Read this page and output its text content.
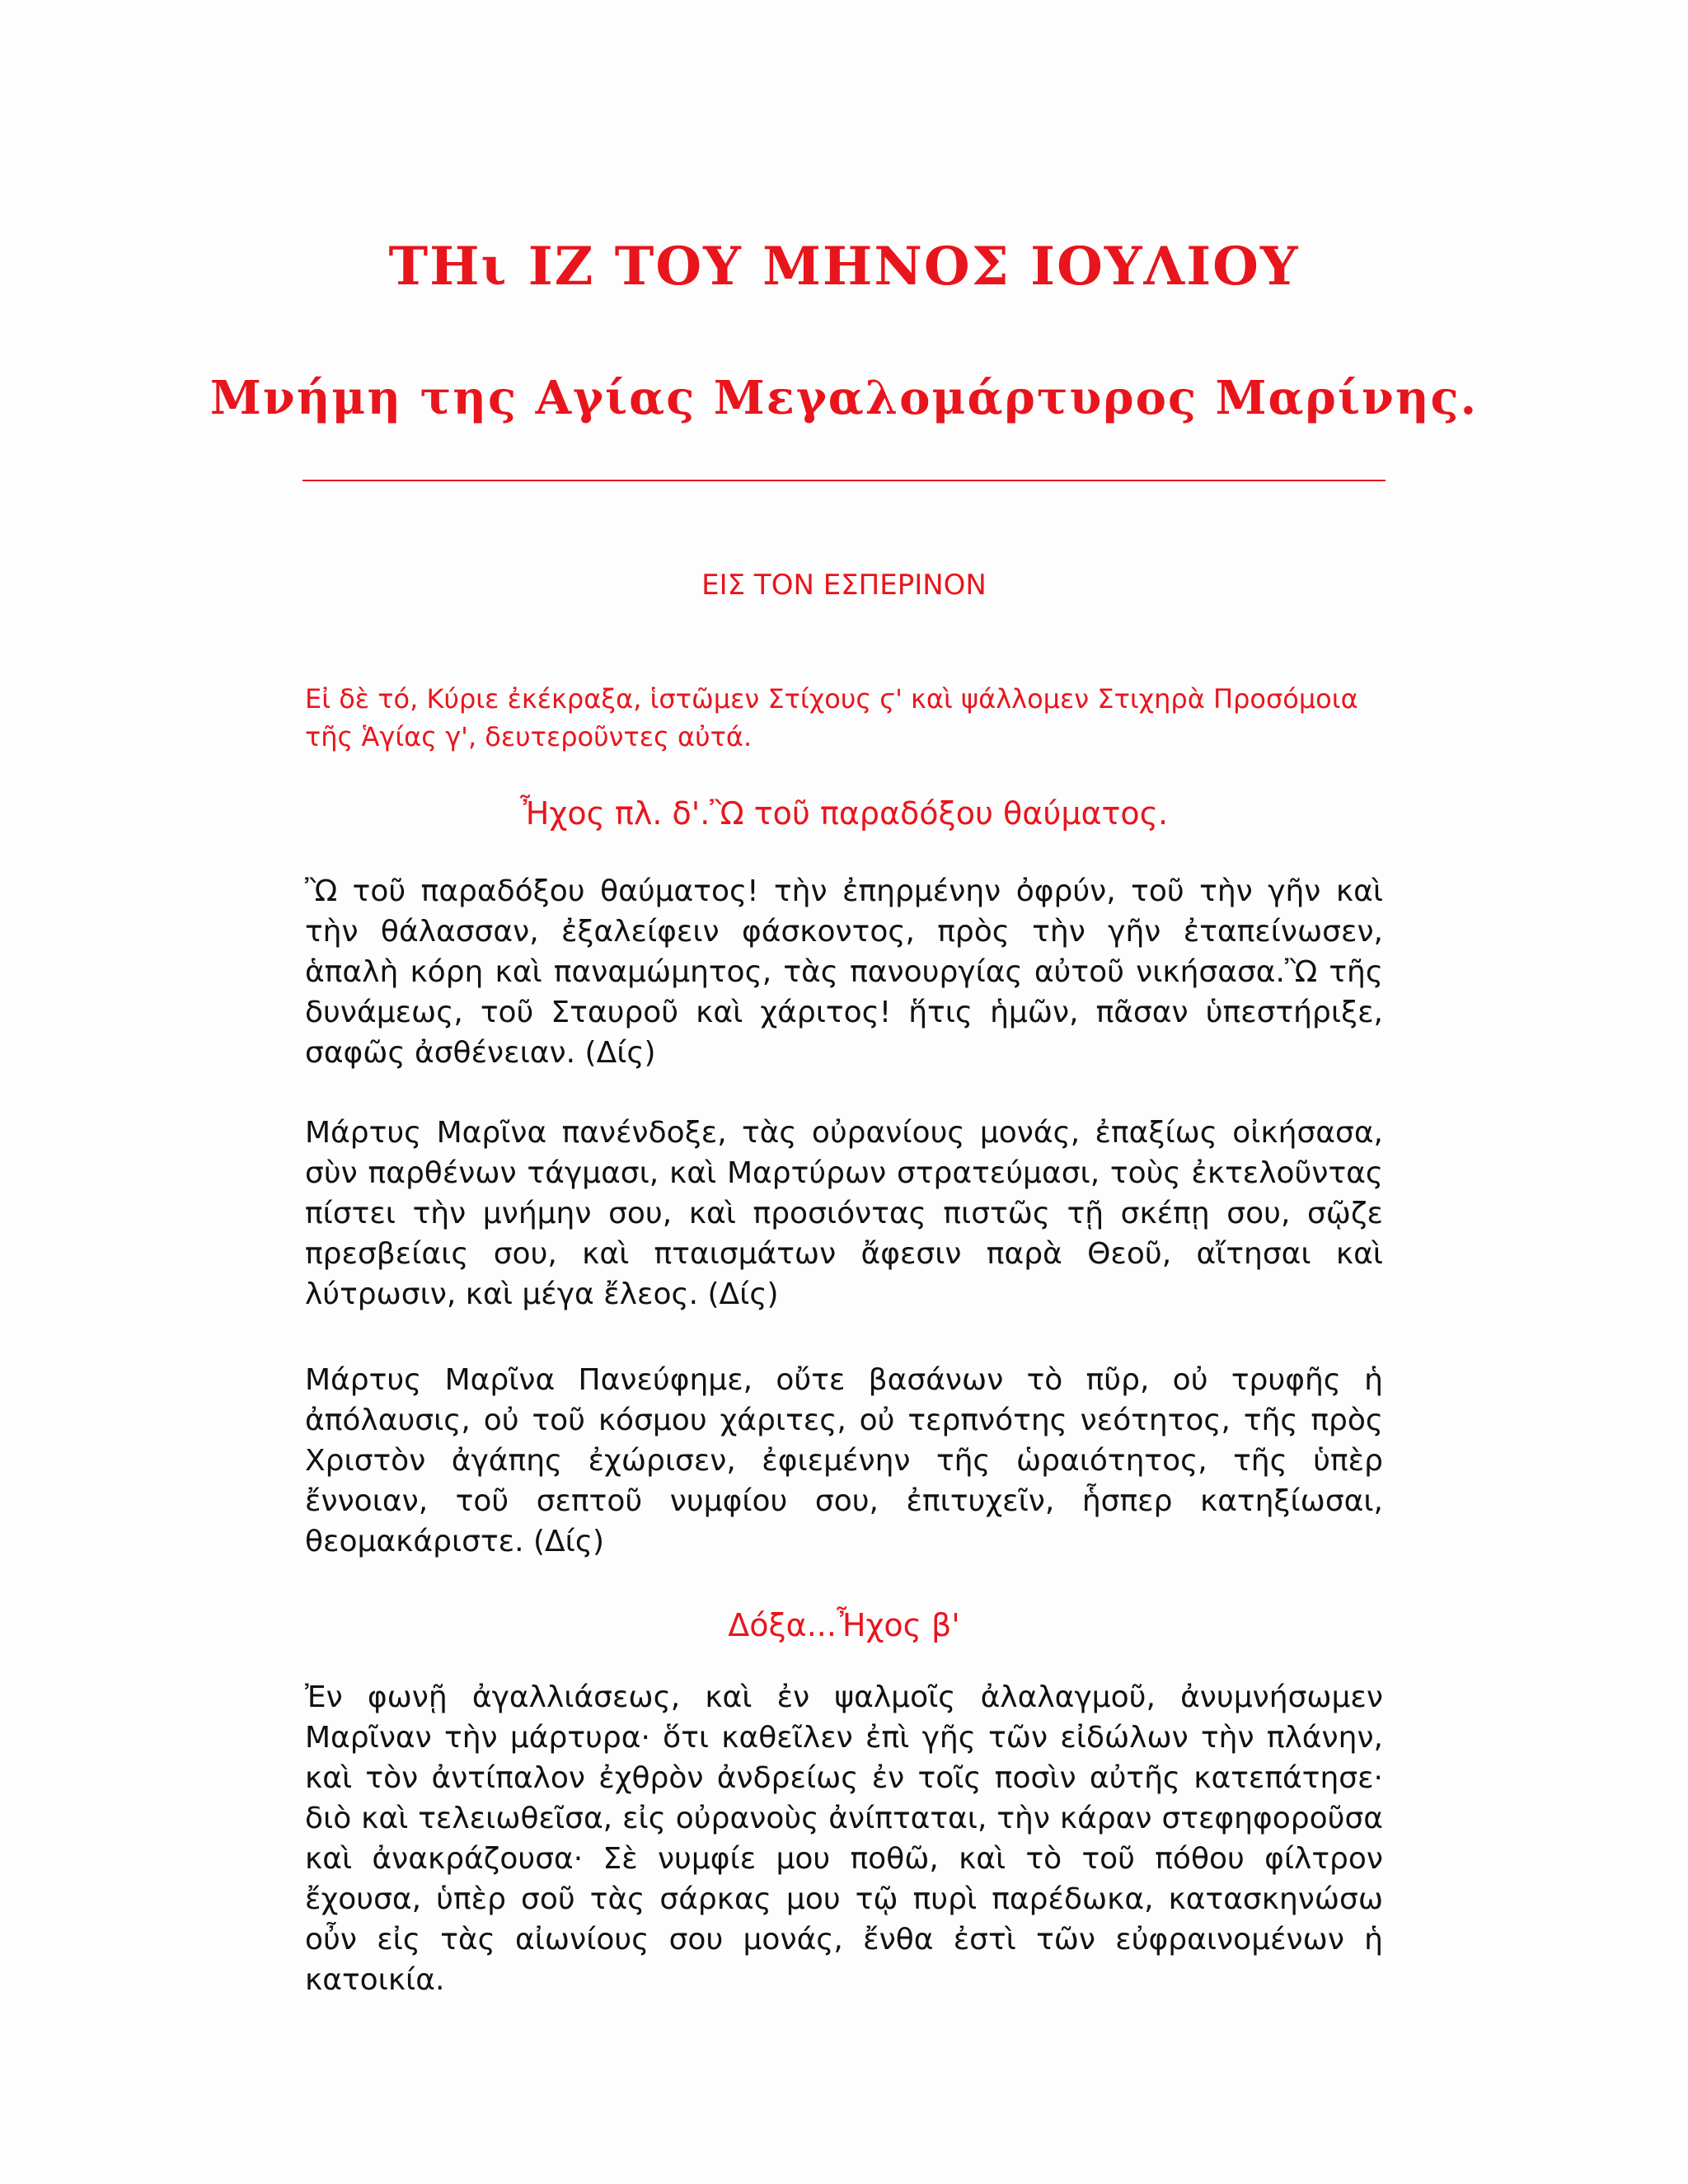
ΤΗι ΙΖ ΤΟΥ ΜΗΝΟΣ ΙΟΥΛΙΟΥ
Μνήμη της Αγίας Μεγαλομάρτυρος Μαρίνης.
ΕΙΣ ΤΟΝ ΕΣΠΕΡΙΝΟΝ

Εἰ δὲ τό, Κύριε ἐκέκραξα, ἱστῶμεν Στίχους ϛ' καὶ ψάλλομεν Στιχηρὰ Προσόμοια τῆς Ἁγίας γ', δευτεροῦντες αὐτά.

Ἦχος πλ. δ'.Ὢ τοῦ παραδόξου θαύματος.

Ὢ τοῦ παραδόξου θαύματος! τὴν ἐπηρμένην ὀφρύν, τοῦ τὴν γῆν καὶ τὴν θάλασσαν, ἐξαλείφειν φάσκοντος, πρὸς τὴν γῆν ἐταπείνωσεν, ἁπαλὴ κόρη καὶ παναμώμητος, τὰς πανουργίας αὐτοῦ νικήσασα.Ὢ τῆς δυνάμεως, τοῦ Σταυροῦ καὶ χάριτος! ἥτις ἡμῶν, πᾶσαν ὑπεστήριξε, σαφῶς ἀσθένειαν. (Δίς)

Μάρτυς Μαρῖνα πανένδοξε, τὰς οὐρανίους μονάς, ἐπαξίως οἰκήσασα, σὺν παρθένων τάγμασι, καὶ Μαρτύρων στρατεύμασι, τοὺς ἐκτελοῦντας πίστει τὴν μνήμην σου, καὶ προσιόντας πιστῶς τῇ σκέπῃ σου, σῷζε πρεσβείαις σου, καὶ πταισμάτων ἄφεσιν παρὰ Θεοῦ, αἴτησαι καὶ λύτρωσιν, καὶ μέγα ἔλεος. (Δίς)

Μάρτυς Μαρῖνα Πανεύφημε, οὔτε βασάνων τὸ πῦρ, οὐ τρυφῆς ἡ ἀπόλαυσις, οὐ τοῦ κόσμου χάριτες, οὐ τερπνότης νεότητος, τῆς πρὸς Χριστὸν ἀγάπης ἐχώρισεν, ἐφιεμένην τῆς ὡραιότητος, τῆς ὑπὲρ ἔννοιαν, τοῦ σεπτοῦ νυμφίου σου, ἐπιτυχεῖν, ἧσπερ κατηξίωσαι, θεομακάριστε. (Δίς)

Δόξα...Ἦχος β'

Ἐν φωνῇ ἀγαλλιάσεως, καὶ ἐν ψαλμοῖς ἀλαλαγμοῦ, ἀνυμνήσωμεν Μαρῖναν τὴν μάρτυρα· ὅτι καθεῖλεν ἐπὶ γῆς τῶν εἰδώλων τὴν πλάνην, καὶ τὸν ἀντίπαλον ἐχθρὸν ἀνδρείως ἐν τοῖς ποσὶν αὐτῆς κατεπάτησε· διὸ καὶ τελειωθεῖσα, εἰς οὐρανοὺς ἀνίπταται, τὴν κάραν στεφηφοροῦσα καὶ ἀνακράζουσα· Σὲ νυμφίε μου ποθῶ, καὶ τὸ τοῦ πόθου φίλτρον ἔχουσα, ὑπὲρ σοῦ τὰς σάρκας μου τῷ πυρὶ παρέδωκα, κατασκηνώσω οὖν εἰς τὰς αἰωνίους σου μονάς, ἔνθα ἐστὶ τῶν εὐφραινομένων ἡ κατοικία.
